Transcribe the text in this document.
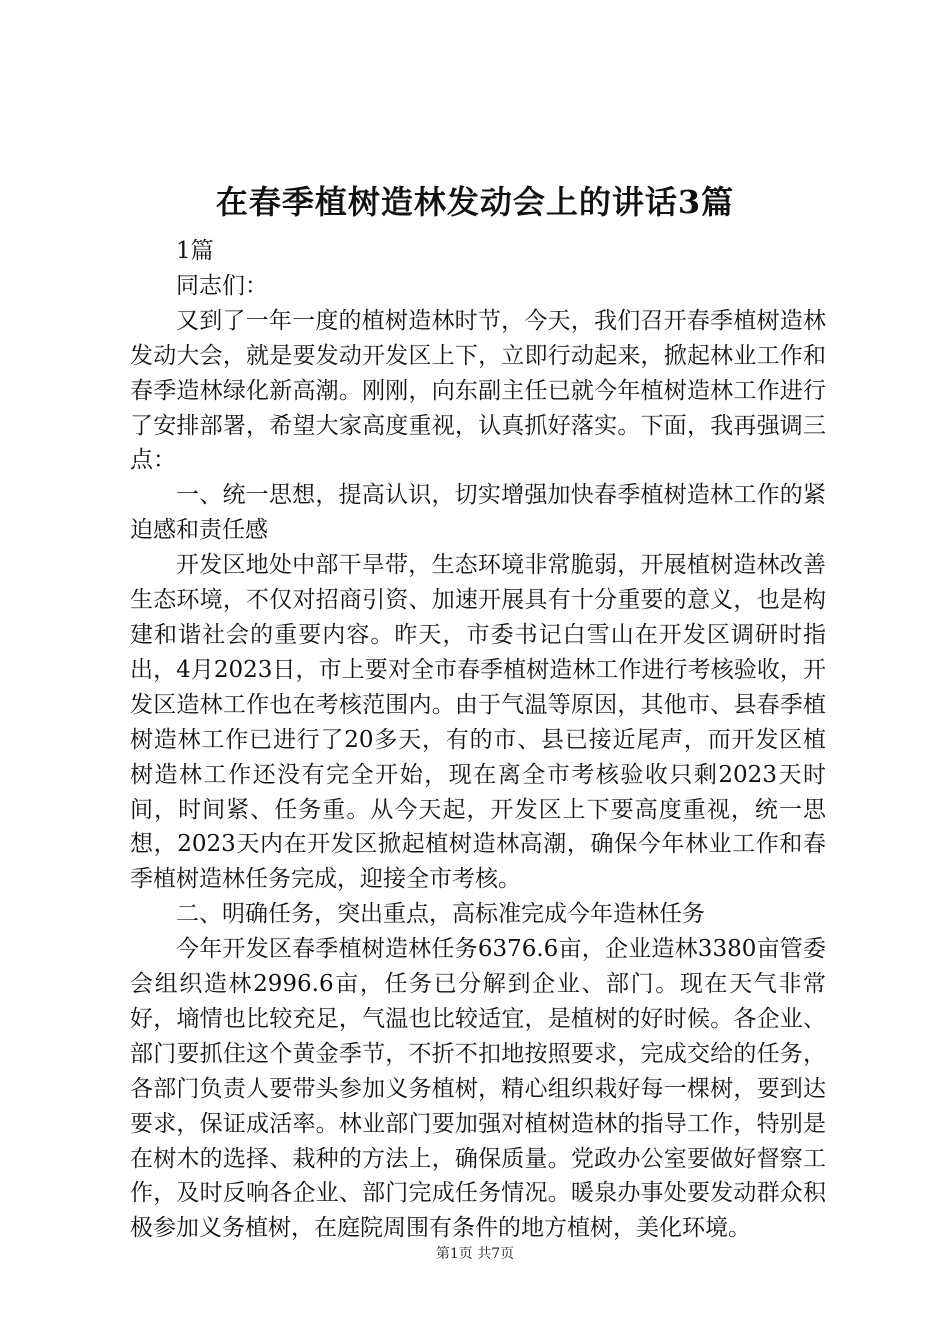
在春季植树造林发动会上的讲话3篇

1篇

同志们：

又到了一年一度的植树造林时节，今天，我们召开春季植树造林发动大会，就是要发动开发区上下，立即行动起来，掀起林业工作和春季造林绿化新高潮。刚刚，向东副主任已就今年植树造林工作进行了安排部署，希望大家高度重视，认真抓好落实。下面，我再强调三点：

一、统一思想，提高认识，切实增强加快春季植树造林工作的紧迫感和责任感

开发区地处中部干旱带，生态环境非常脆弱，开展植树造林改善生态环境，不仅对招商引资、加速开展具有十分重要的意义，也是构建和谐社会的重要内容。昨天，市委书记白雪山在开发区调研时指出，4月2023日，市上要对全市春季植树造林工作进行考核验收，开发区造林工作也在考核范围内。由于气温等原因，其他市、县春季植树造林工作已进行了20多天，有的市、县已接近尾声，而开发区植树造林工作还没有完全开始，现在离全市考核验收只剩2023天时间，时间紧、任务重。从今天起，开发区上下要高度重视，统一思想，2023天内在开发区掀起植树造林高潮，确保今年林业工作和春季植树造林任务完成，迎接全市考核。

二、明确任务，突出重点，高标准完成今年造林任务

今年开发区春季植树造林任务6376.6亩，企业造林3380亩管委会组织造林2996.6亩，任务已分解到企业、部门。现在天气非常好，墒情也比较充足，气温也比较适宜，是植树的好时候。各企业、部门要抓住这个黄金季节，不折不扣地按照要求，完成交给的任务，各部门负责人要带头参加义务植树，精心组织栽好每一棵树，要到达要求，保证成活率。林业部门要加强对植树造林的指导工作，特别是在树木的选择、栽种的方法上，确保质量。党政办公室要做好督察工作，及时反响各企业、部门完成任务情况。暖泉办事处要发动群众积极参加义务植树，在庭院周围有条件的地方植树，美化环境。

第1页 共7页
